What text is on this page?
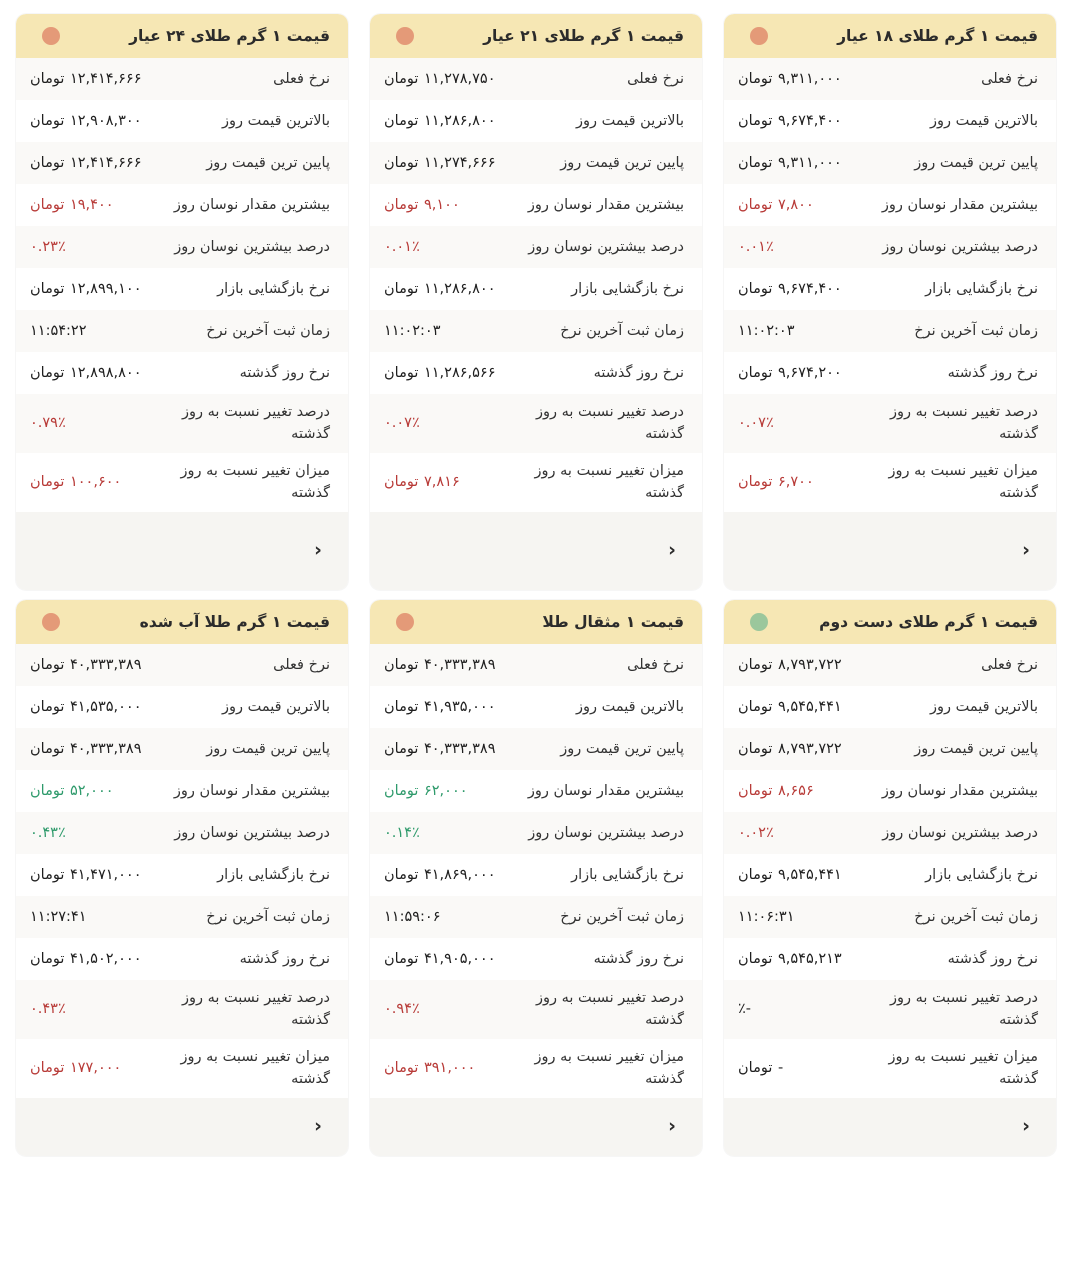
قیمت ۱ گرم طلای ۱۸ عیار
نرخ فعلی
۹,۳۱۱,۰۰۰ تومان
بالاترین قیمت روز
۹,۶۷۴,۴۰۰ تومان
پایین ترین قیمت روز
۹,۳۱۱,۰۰۰ تومان
بیشترین مقدار نوسان روز
۷,۸۰۰ تومان
درصد بیشترین نوسان روز
۰.۰۱٪
نرخ بازگشایی بازار
۹,۶۷۴,۴۰۰ تومان
زمان ثبت آخرین نرخ
۱۱:۰۲:۰۳
نرخ روز گذشته
۹,۶۷۴,۲۰۰ تومان
درصد تغییر نسبت به روز گذشته
۰.۰۷٪
میزان تغییر نسبت به روز گذشته
۶,۷۰۰ تومان
‹
قیمت ۱ گرم طلای ۲۱ عیار
نرخ فعلی
۱۱,۲۷۸,۷۵۰ تومان
بالاترین قیمت روز
۱۱,۲۸۶,۸۰۰ تومان
پایین ترین قیمت روز
۱۱,۲۷۴,۶۶۶ تومان
بیشترین مقدار نوسان روز
۹,۱۰۰ تومان
درصد بیشترین نوسان روز
۰.۰۱٪
نرخ بازگشایی بازار
۱۱,۲۸۶,۸۰۰ تومان
زمان ثبت آخرین نرخ
۱۱:۰۲:۰۳
نرخ روز گذشته
۱۱,۲۸۶,۵۶۶ تومان
درصد تغییر نسبت به روز گذشته
۰.۰۷٪
میزان تغییر نسبت به روز گذشته
۷,۸۱۶ تومان
‹
قیمت ۱ گرم طلای ۲۴ عیار
نرخ فعلی
۱۲,۴۱۴,۶۶۶ تومان
بالاترین قیمت روز
۱۲,۹۰۸,۳۰۰ تومان
پایین ترین قیمت روز
۱۲,۴۱۴,۶۶۶ تومان
بیشترین مقدار نوسان روز
۱۹,۴۰۰ تومان
درصد بیشترین نوسان روز
۰.۲۳٪
نرخ بازگشایی بازار
۱۲,۸۹۹,۱۰۰ تومان
زمان ثبت آخرین نرخ
۱۱:۵۴:۲۲
نرخ روز گذشته
۱۲,۸۹۸,۸۰۰ تومان
درصد تغییر نسبت به روز گذشته
۰.۷۹٪
میزان تغییر نسبت به روز گذشته
۱۰۰,۶۰۰ تومان
‹
قیمت ۱ گرم طلای دست دوم
نرخ فعلی
۸,۷۹۳,۷۲۲ تومان
بالاترین قیمت روز
۹,۵۴۵,۴۴۱ تومان
پایین ترین قیمت روز
۸,۷۹۳,۷۲۲ تومان
بیشترین مقدار نوسان روز
۸,۶۵۶ تومان
درصد بیشترین نوسان روز
۰.۰۲٪
نرخ بازگشایی بازار
۹,۵۴۵,۴۴۱ تومان
زمان ثبت آخرین نرخ
۱۱:۰۶:۳۱
نرخ روز گذشته
۹,۵۴۵,۲۱۳ تومان
درصد تغییر نسبت به روز گذشته
-٪
میزان تغییر نسبت به روز گذشته
- تومان
‹
قیمت ۱ مثقال طلا
نرخ فعلی
۴۰,۳۳۳,۳۸۹ تومان
بالاترین قیمت روز
۴۱,۹۳۵,۰۰۰ تومان
پایین ترین قیمت روز
۴۰,۳۳۳,۳۸۹ تومان
بیشترین مقدار نوسان روز
۶۲,۰۰۰ تومان
درصد بیشترین نوسان روز
۰.۱۴٪
نرخ بازگشایی بازار
۴۱,۸۶۹,۰۰۰ تومان
زمان ثبت آخرین نرخ
۱۱:۵۹:۰۶
نرخ روز گذشته
۴۱,۹۰۵,۰۰۰ تومان
درصد تغییر نسبت به روز گذشته
۰.۹۴٪
میزان تغییر نسبت به روز گذشته
۳۹۱,۰۰۰ تومان
‹
قیمت ۱ گرم طلا آب شده
نرخ فعلی
۴۰,۳۳۳,۳۸۹ تومان
بالاترین قیمت روز
۴۱,۵۳۵,۰۰۰ تومان
پایین ترین قیمت روز
۴۰,۳۳۳,۳۸۹ تومان
بیشترین مقدار نوسان روز
۵۲,۰۰۰ تومان
درصد بیشترین نوسان روز
۰.۴۳٪
نرخ بازگشایی بازار
۴۱,۴۷۱,۰۰۰ تومان
زمان ثبت آخرین نرخ
۱۱:۲۷:۴۱
نرخ روز گذشته
۴۱,۵۰۲,۰۰۰ تومان
درصد تغییر نسبت به روز گذشته
۰.۴۳٪
میزان تغییر نسبت به روز گذشته
۱۷۷,۰۰۰ تومان
‹
